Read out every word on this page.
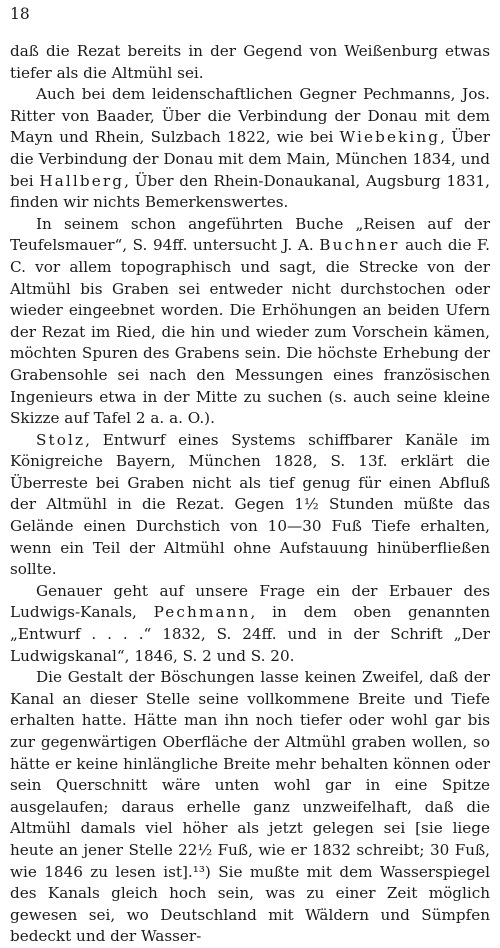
18

daß die Rezat bereits in der Gegend von Weißenburg etwas tiefer als die Altmühl sei.

Auch bei dem leidenschaftlichen Gegner Pechmanns, Jos. Ritter von Baader, Über die Verbindung der Donau mit dem Mayn und Rhein, Sulzbach 1822, wie bei Wiebeking, Über die Verbindung der Donau mit dem Main, München 1834, und bei Hallberg, Über den Rhein-Donaukanal, Augsburg 1831, finden wir nichts Bemerkenswertes.

In seinem schon angeführten Buche „Reisen auf der Teufelsmauer“, S. 94ff. untersucht J. A. Buchner auch die F. C. vor allem topographisch und sagt, die Strecke von der Altmühl bis Graben sei entweder nicht durchstochen oder wieder eingeebnet worden. Die Erhöhungen an beiden Ufern der Rezat im Ried, die hin und wieder zum Vorschein kämen, möchten Spuren des Grabens sein. Die höchste Erhebung der Grabensohle sei nach den Messungen eines französischen Ingenieurs etwa in der Mitte zu suchen (s. auch seine kleine Skizze auf Tafel 2 a. a. O.).

Stolz, Entwurf eines Systems schiffbarer Kanäle im Königreiche Bayern, München 1828, S. 13f. erklärt die Überreste bei Graben nicht als tief genug für einen Abfluß der Altmühl in die Rezat. Gegen 1½ Stunden müßte das Gelände einen Durchstich von 10—30 Fuß Tiefe erhalten, wenn ein Teil der Altmühl ohne Aufstauung hinüberfließen sollte.

Genauer geht auf unsere Frage ein der Erbauer des Ludwigs-Kanals, Pechmann, in dem oben genannten „Entwurf . . . .“ 1832, S. 24ff. und in der Schrift „Der Ludwigskanal“, 1846, S. 2 und S. 20.

Die Gestalt der Böschungen lasse keinen Zweifel, daß der Kanal an dieser Stelle seine vollkommene Breite und Tiefe erhalten hatte. Hätte man ihn noch tiefer oder wohl gar bis zur gegenwärtigen Oberfläche der Altmühl graben wollen, so hätte er keine hinlängliche Breite mehr behalten können oder sein Querschnitt wäre unten wohl gar in eine Spitze ausgelaufen; daraus erhelle ganz unzweifelhaft, daß die Altmühl damals viel höher als jetzt gelegen sei [sie liege heute an jener Stelle 22½ Fuß, wie er 1832 schreibt; 30 Fuß, wie 1846 zu lesen ist].¹³) Sie mußte mit dem Wasserspiegel des Kanals gleich hoch sein, was zu einer Zeit möglich gewesen sei, wo Deutschland mit Wäldern und Sümpfen bedeckt und der Wasser-
